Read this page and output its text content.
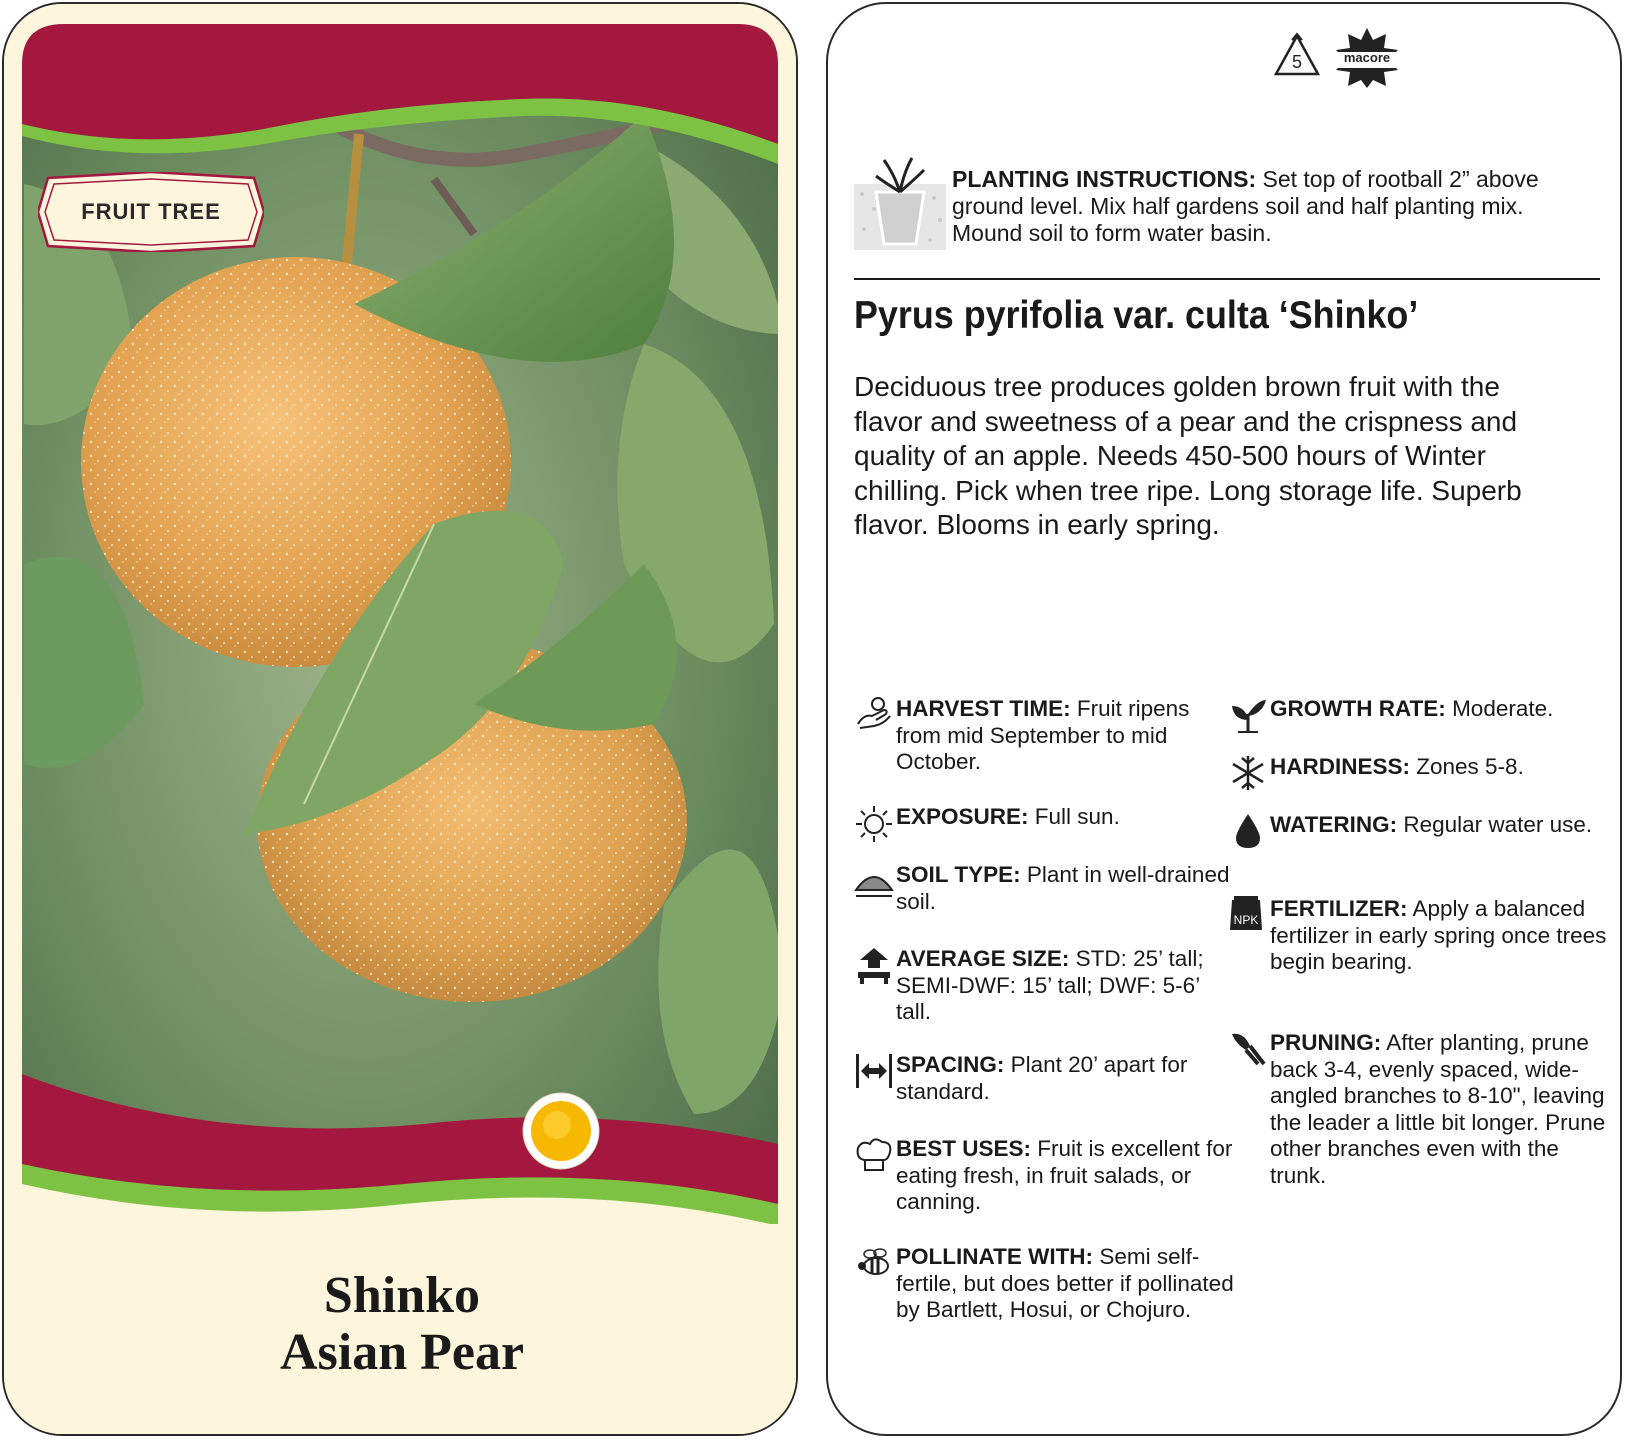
FRUIT TREE
Shinko
Asian Pear
5	macore
PLANTING INSTRUCTIONS: Set top of rootball 2” above ground level. Mix half gardens soil and half planting mix. Mound soil to form water basin.
Pyrus pyrifolia var. culta ‘Shinko’
Deciduous tree produces golden brown fruit with the flavor and sweetness of a pear and the crispness and quality of an apple. Needs 450-500 hours of Winter chilling. Pick when tree ripe. Long storage life. Superb flavor. Blooms in early spring.
HARVEST TIME: Fruit ripens from mid September to mid October.
EXPOSURE: Full sun.
SOIL TYPE: Plant in well-drained soil.
AVERAGE SIZE: STD: 25’ tall; SEMI-DWF: 15’ tall; DWF: 5-6’ tall.
SPACING: Plant 20’ apart for standard.
BEST USES: Fruit is excellent for eating fresh, in fruit salads, or canning.
POLLINATE WITH: Semi self-fertile, but does better if pollinated by Bartlett, Hosui, or Chojuro.
GROWTH RATE: Moderate.
HARDINESS: Zones 5-8.
WATERING: Regular water use.
NPK FERTILIZER: Apply a balanced fertilizer in early spring once trees begin bearing.
PRUNING: After planting, prune back 3-4, evenly spaced, wide-angled branches to 8-10", leaving the leader a little bit longer. Prune other branches even with the trunk.
